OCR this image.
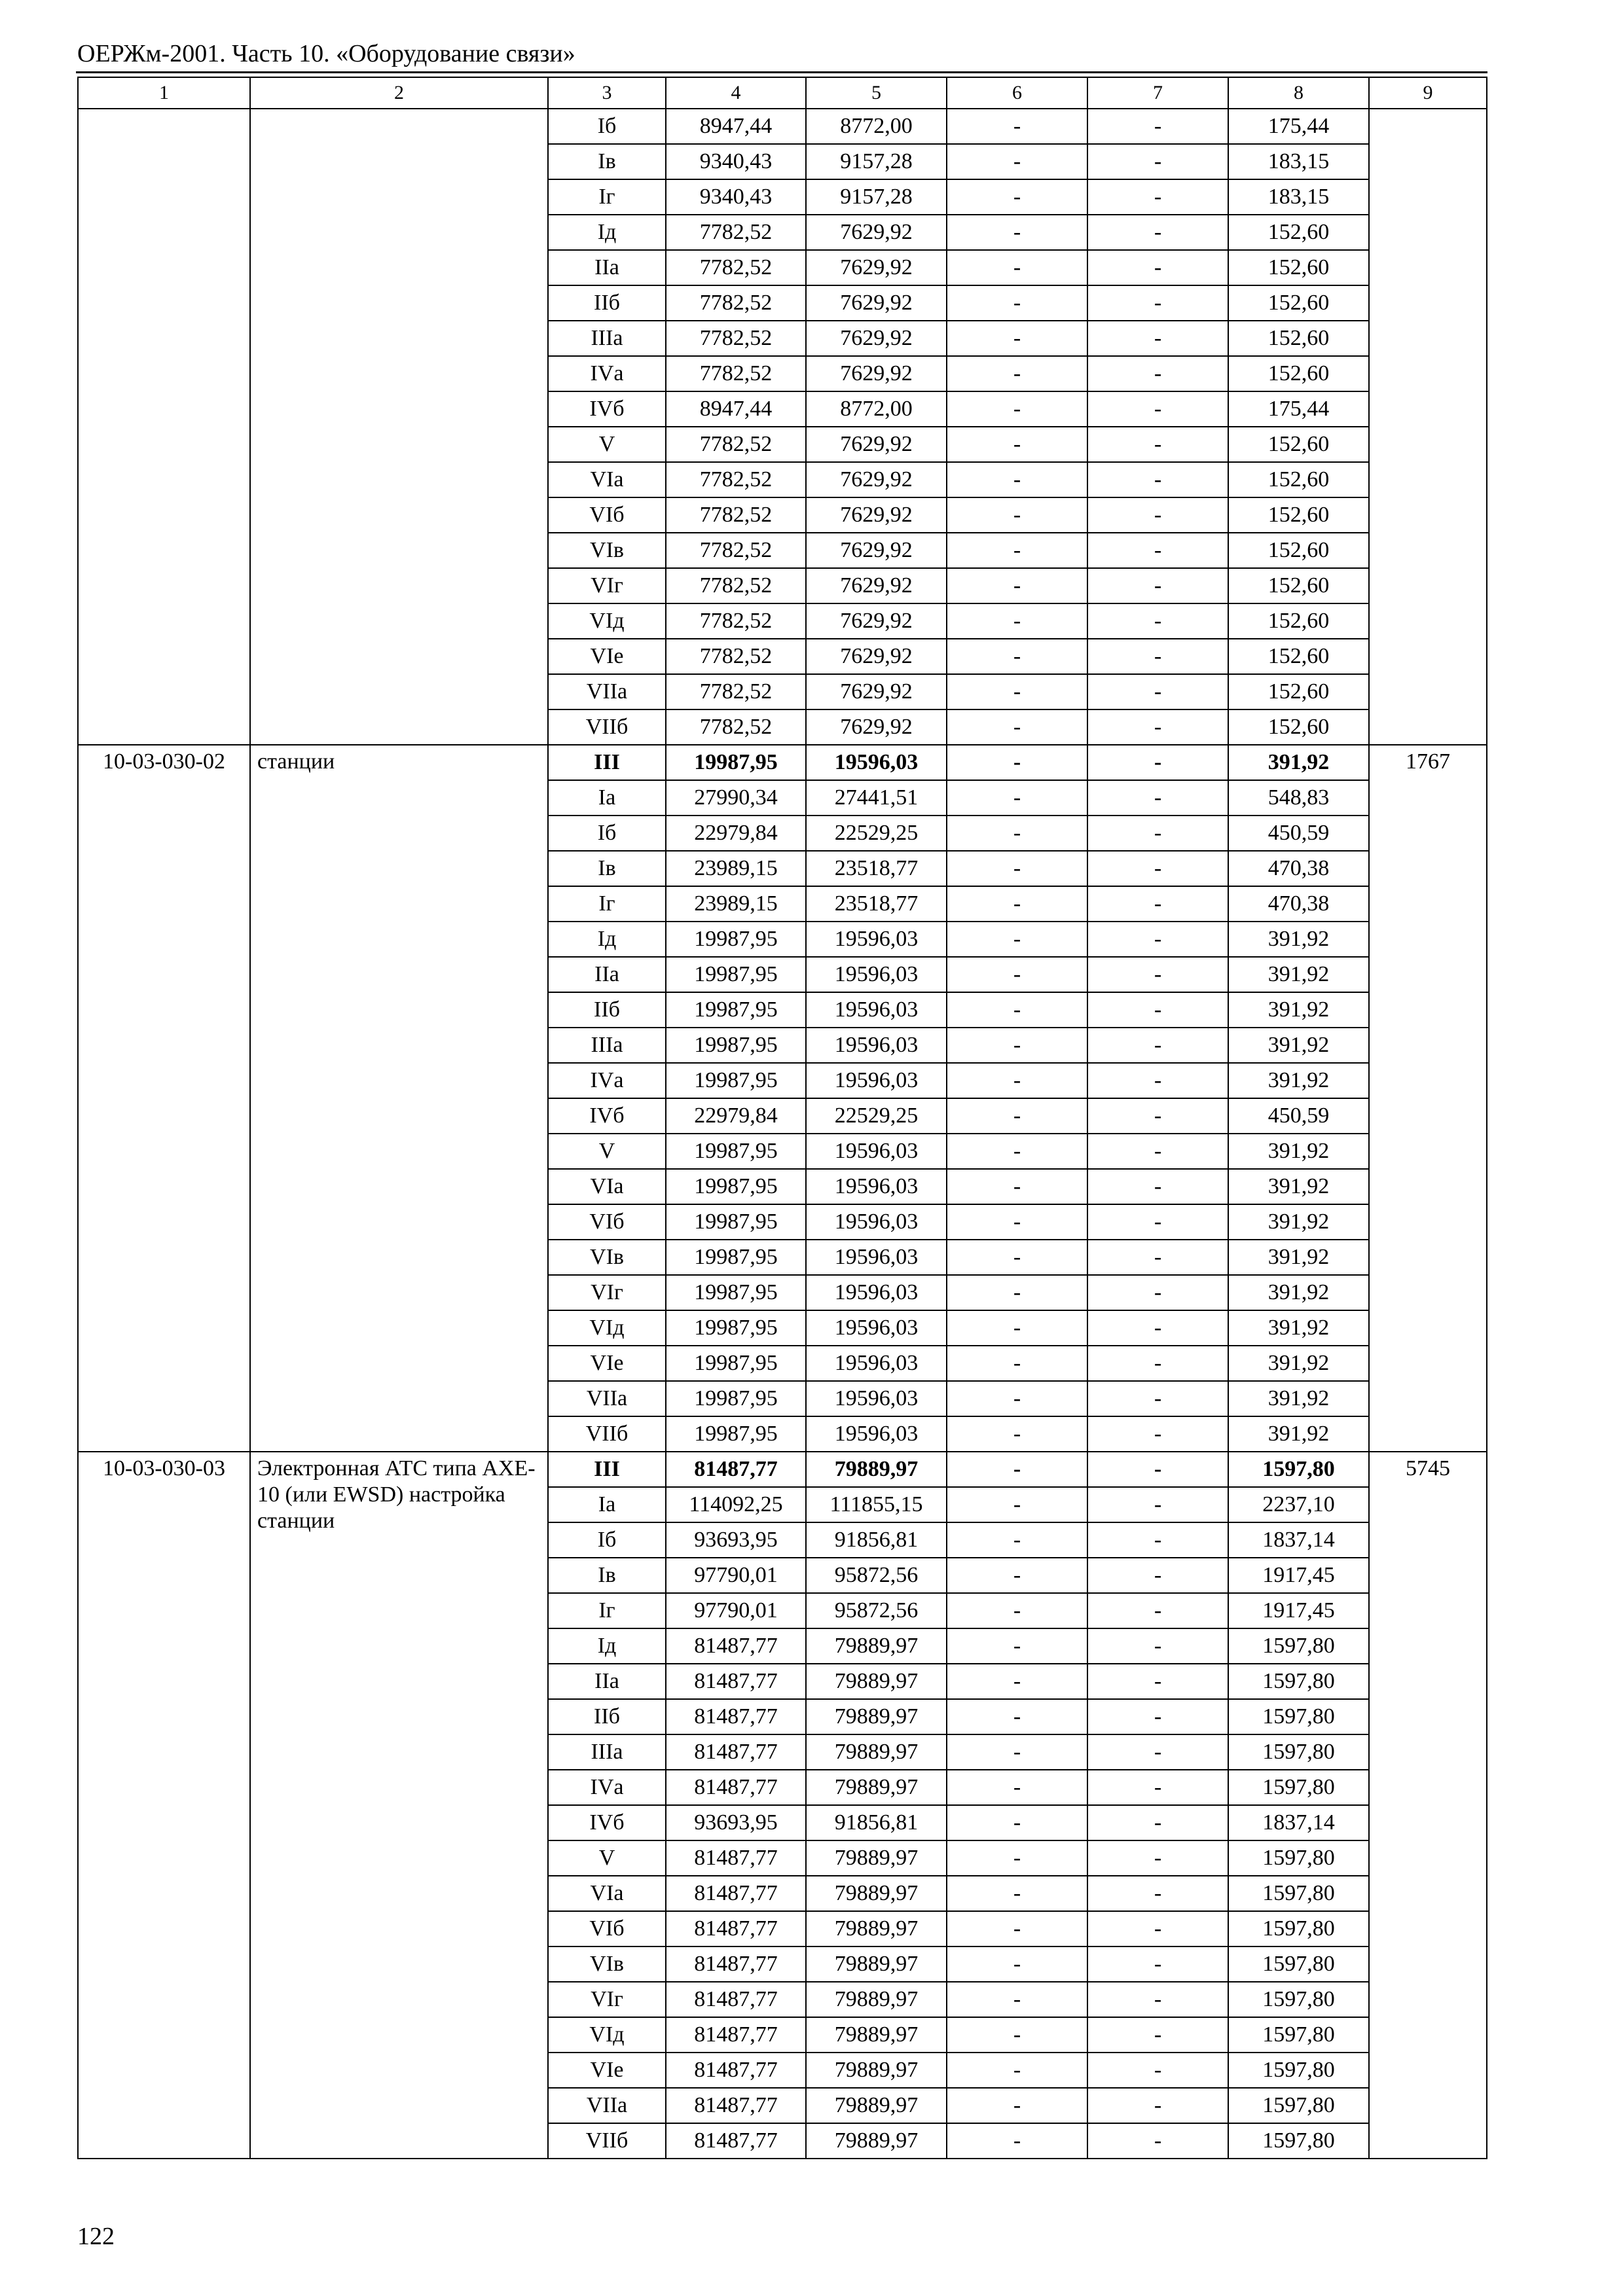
ОЕРЖм-2001. Часть 10. «Оборудование связи»
1	2	3	4	5	6	7	8	9
		Iб	8947,44	8772,00	-	-	175,44	
		Iв	9340,43	9157,28	-	-	183,15	
		Iг	9340,43	9157,28	-	-	183,15	
		Iд	7782,52	7629,92	-	-	152,60	
		IIа	7782,52	7629,92	-	-	152,60	
		IIб	7782,52	7629,92	-	-	152,60	
		IIIа	7782,52	7629,92	-	-	152,60	
		IVа	7782,52	7629,92	-	-	152,60	
		IVб	8947,44	8772,00	-	-	175,44	
		V	7782,52	7629,92	-	-	152,60	
		VIа	7782,52	7629,92	-	-	152,60	
		VIб	7782,52	7629,92	-	-	152,60	
		VIв	7782,52	7629,92	-	-	152,60	
		VIг	7782,52	7629,92	-	-	152,60	
		VIд	7782,52	7629,92	-	-	152,60	
		VIе	7782,52	7629,92	-	-	152,60	
		VIIа	7782,52	7629,92	-	-	152,60	
		VIIб	7782,52	7629,92	-	-	152,60	
10-03-030-02	станции	III	19987,95	19596,03	-	-	391,92	1767
		Iа	27990,34	27441,51	-	-	548,83	
		Iб	22979,84	22529,25	-	-	450,59	
		Iв	23989,15	23518,77	-	-	470,38	
		Iг	23989,15	23518,77	-	-	470,38	
		Iд	19987,95	19596,03	-	-	391,92	
		IIа	19987,95	19596,03	-	-	391,92	
		IIб	19987,95	19596,03	-	-	391,92	
		IIIа	19987,95	19596,03	-	-	391,92	
		IVа	19987,95	19596,03	-	-	391,92	
		IVб	22979,84	22529,25	-	-	450,59	
		V	19987,95	19596,03	-	-	391,92	
		VIа	19987,95	19596,03	-	-	391,92	
		VIб	19987,95	19596,03	-	-	391,92	
		VIв	19987,95	19596,03	-	-	391,92	
		VIг	19987,95	19596,03	-	-	391,92	
		VIд	19987,95	19596,03	-	-	391,92	
		VIе	19987,95	19596,03	-	-	391,92	
		VIIа	19987,95	19596,03	-	-	391,92	
		VIIб	19987,95	19596,03	-	-	391,92	
10-03-030-03	Электронная АТС типа AXE-10 (или EWSD) настройка станции	III	81487,77	79889,97	-	-	1597,80	5745
		Iа	114092,25	111855,15	-	-	2237,10	
		Iб	93693,95	91856,81	-	-	1837,14	
		Iв	97790,01	95872,56	-	-	1917,45	
		Iг	97790,01	95872,56	-	-	1917,45	
		Iд	81487,77	79889,97	-	-	1597,80	
		IIа	81487,77	79889,97	-	-	1597,80	
		IIб	81487,77	79889,97	-	-	1597,80	
		IIIа	81487,77	79889,97	-	-	1597,80	
		IVа	81487,77	79889,97	-	-	1597,80	
		IVб	93693,95	91856,81	-	-	1837,14	
		V	81487,77	79889,97	-	-	1597,80	
		VIа	81487,77	79889,97	-	-	1597,80	
		VIб	81487,77	79889,97	-	-	1597,80	
		VIв	81487,77	79889,97	-	-	1597,80	
		VIг	81487,77	79889,97	-	-	1597,80	
		VIд	81487,77	79889,97	-	-	1597,80	
		VIе	81487,77	79889,97	-	-	1597,80	
		VIIа	81487,77	79889,97	-	-	1597,80	
		VIIб	81487,77	79889,97	-	-	1597,80	
122
